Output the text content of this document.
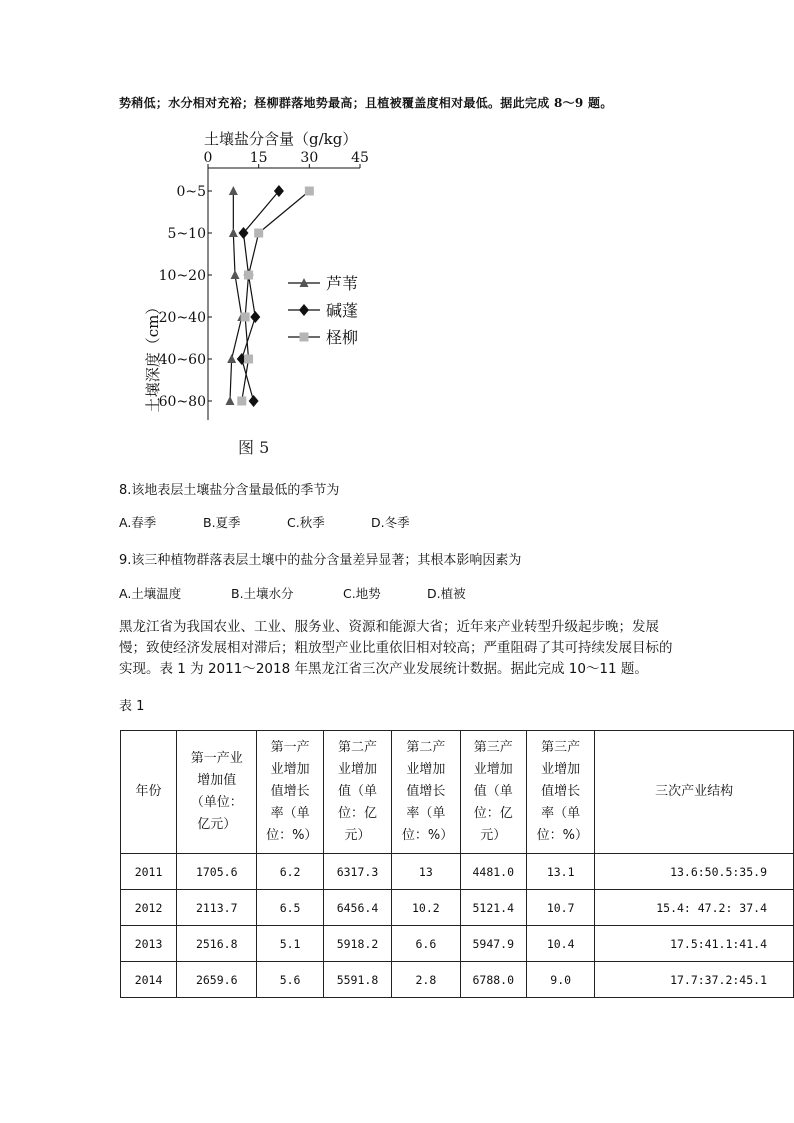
势稍低；水分相对充裕；柽柳群落地势最高；且植被覆盖度相对最低。据此完成 8～9 题。
土壤盐分含量（g/kg）
0	15 30 45
土壤深度（cm）
0~5
5~10
10~20
20~40
40~60
60~80
芦苇
碱蓬
柽柳
图 5
8.该地表层土壤盐分含量最低的季节为
A.春季	B.夏季	C.秋季	D.冬季
9.该三种植物群落表层土壤中的盐分含量差异显著；其根本影响因素为
A.土壤温度	B.土壤水分	C.地势	D.植被
黑龙江省为我国农业、工业、服务业、资源和能源大省；近年来产业转型升级起步晚；发展慢；致使经济发展相对滞后；粗放型产业比重依旧相对较高；严重阻碍了其可持续发展目标的实现。表 1 为 2011～2018 年黑龙江省三次产业发展统计数据。据此完成 10～11 题。
表 1
年份	第一产业增加值（单位：亿元）	第一产业增加值增长率（单位：%）	第二产业增加值（单位：亿元）	第二产业增加值增长率（单位：%）	第三产业增加值（单位：亿元）	第三产业增加值增长率（单位：%）	三次产业结构
2011	1705.6	6.2	6317.3	13	4481.0	13.1	13.6:50.5:35.9
2012	2113.7	6.5	6456.4	10.2	5121.4	10.7	15.4: 47.2: 37.4
2013	2516.8	5.1	5918.2	6.6	5947.9	10.4	17.5:41.1:41.4
2014	2659.6	5.6	5591.8	2.8	6788.0	9.0	17.7:37.2:45.1
